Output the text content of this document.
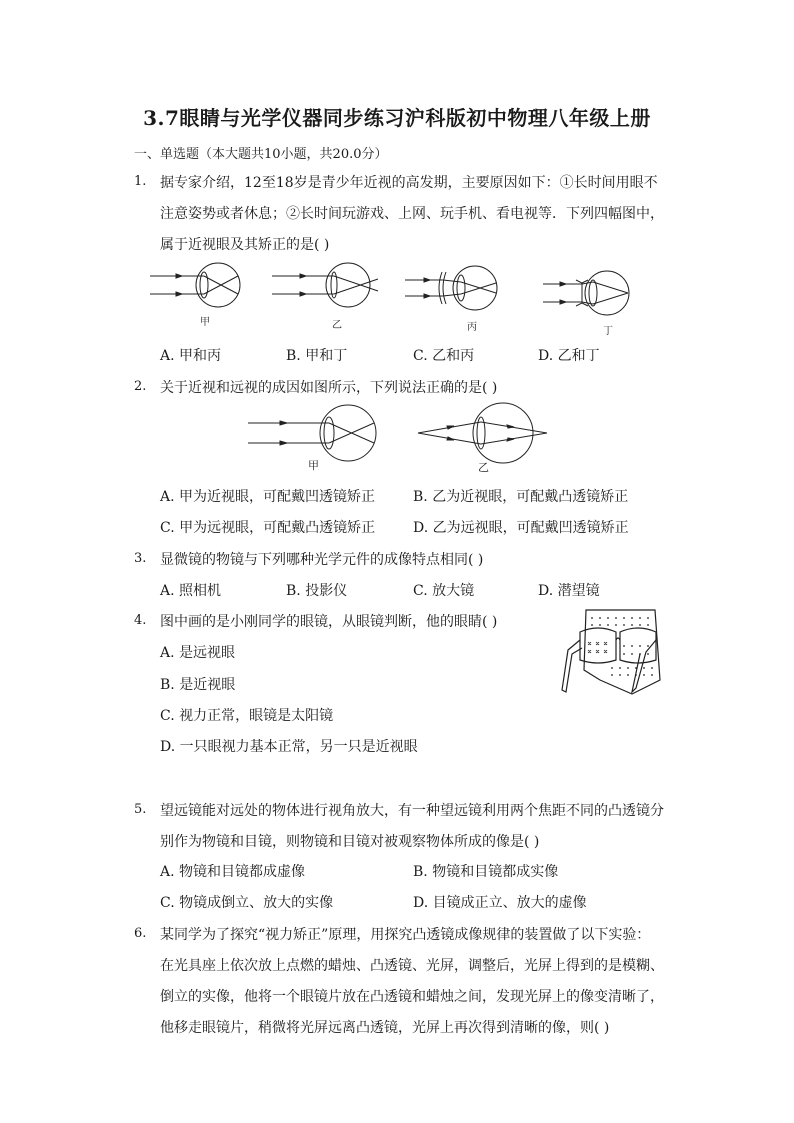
3.7眼睛与光学仪器同步练习沪科版初中物理八年级上册
一、单选题（本大题共10小题，共20.0分）
1. 据专家介绍，12至18岁是青少年近视的高发期，主要原因如下：①长时间用眼不
注意姿势或者休息；②长时间玩游戏、上网、玩手机、看电视等．下列四幅图中，
属于近视眼及其矫正的是( )
甲	乙	丙	丁
A. 甲和丙	B. 甲和丁	C. 乙和丙	D. 乙和丁
2. 关于近视和远视的成因如图所示，下列说法正确的是( )
甲	乙
A. 甲为近视眼，可配戴凹透镜矫正	B. 乙为近视眼，可配戴凸透镜矫正
C. 甲为远视眼，可配戴凸透镜矫正	D. 乙为远视眼，可配戴凹透镜矫正
3. 显微镜的物镜与下列哪种光学元件的成像特点相同( )
A. 照相机	B. 投影仪	C. 放大镜	D. 潜望镜
4. 图中画的是小刚同学的眼镜，从眼镜判断，他的眼睛( )
A. 是远视眼
B. 是近视眼
C. 视力正常，眼镜是太阳镜
D. 一只眼视力基本正常，另一只是近视眼
5. 望远镜能对远处的物体进行视角放大，有一种望远镜利用两个焦距不同的凸透镜分
别作为物镜和目镜，则物镜和目镜对被观察物体所成的像是( )
A. 物镜和目镜都成虚像	B. 物镜和目镜都成实像
C. 物镜成倒立、放大的实像	D. 目镜成正立、放大的虚像
6. 某同学为了探究“视力矫正”原理，用探究凸透镜成像规律的装置做了以下实验：
在光具座上依次放上点燃的蜡烛、凸透镜、光屏，调整后，光屏上得到的是模糊、
倒立的实像，他将一个眼镜片放在凸透镜和蜡烛之间，发现光屏上的像变清晰了，
他移走眼镜片，稍微将光屏远离凸透镜，光屏上再次得到清晰的像，则( )
